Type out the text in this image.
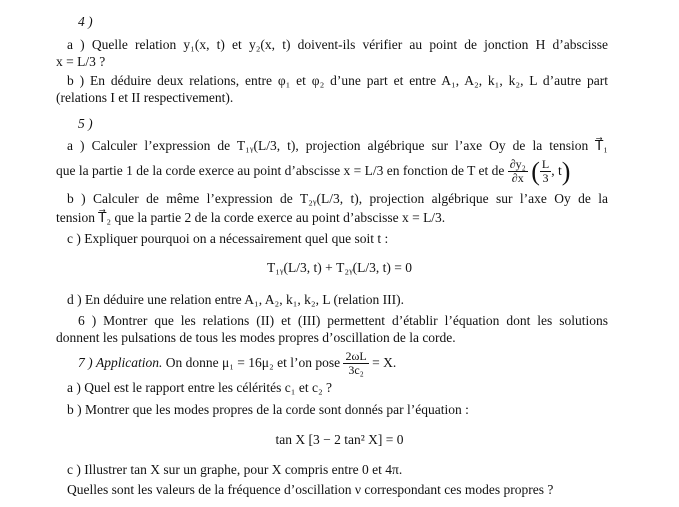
4 )
a ) Quelle relation y₁(x, t) et y₂(x, t) doivent-ils vérifier au point de jonction H d’abscisse
x = L/3 ?
b ) En déduire deux relations, entre φ₁ et φ₂ d’une part et entre A₁, A₂, k₁, k₂, L d’autre part
(relations I et II respectivement).
5 )
a ) Calculer l’expression de T₁ᵧ(L/3, t), projection algébrique sur l’axe Oy de la tension T⃗₁
que la partie 1 de la corde exerce au point d’abscisse x = L/3 en fonction de T et de $\frac{\text{∂y₂}}{\partial x}$ ( $\frac{L}{3}$ , t)
b ) Calculer de même l’expression de T₂ᵧ(L/3, t), projection algébrique sur l’axe Oy de la
tension T⃗₂ que la partie 2 de la corde exerce au point d’abscisse x = L/3.
c ) Expliquer pourquoi on a nécessairement quel que soit t :
T₁ᵧ(L/3, t) + T₂ᵧ(L/3, t) = 0
d ) En déduire une relation entre A₁, A₂, k₁, k₂, L (relation III).
6 ) Montrer que les relations (II) et (III) permettent d’établir l’équation dont les solutions
donnent les pulsations de tous les modes propres d’oscillation de la corde.
7 ) Application. On donne μ₁ = 16μ₂ et l’on pose $\frac{2\omega L}{\text{3c₂}} = X$.
a ) Quel est le rapport entre les célérités c₁ et c₂ ?
b ) Montrer que les modes propres de la corde sont donnés par l’équation :
tan X [3 − 2 tan² X] = 0
c ) Illustrer tan X sur un graphe, pour X compris entre 0 et 4π.
Quelles sont les valeurs de la fréquence d’oscillation ν correspondant ces modes propres ?
